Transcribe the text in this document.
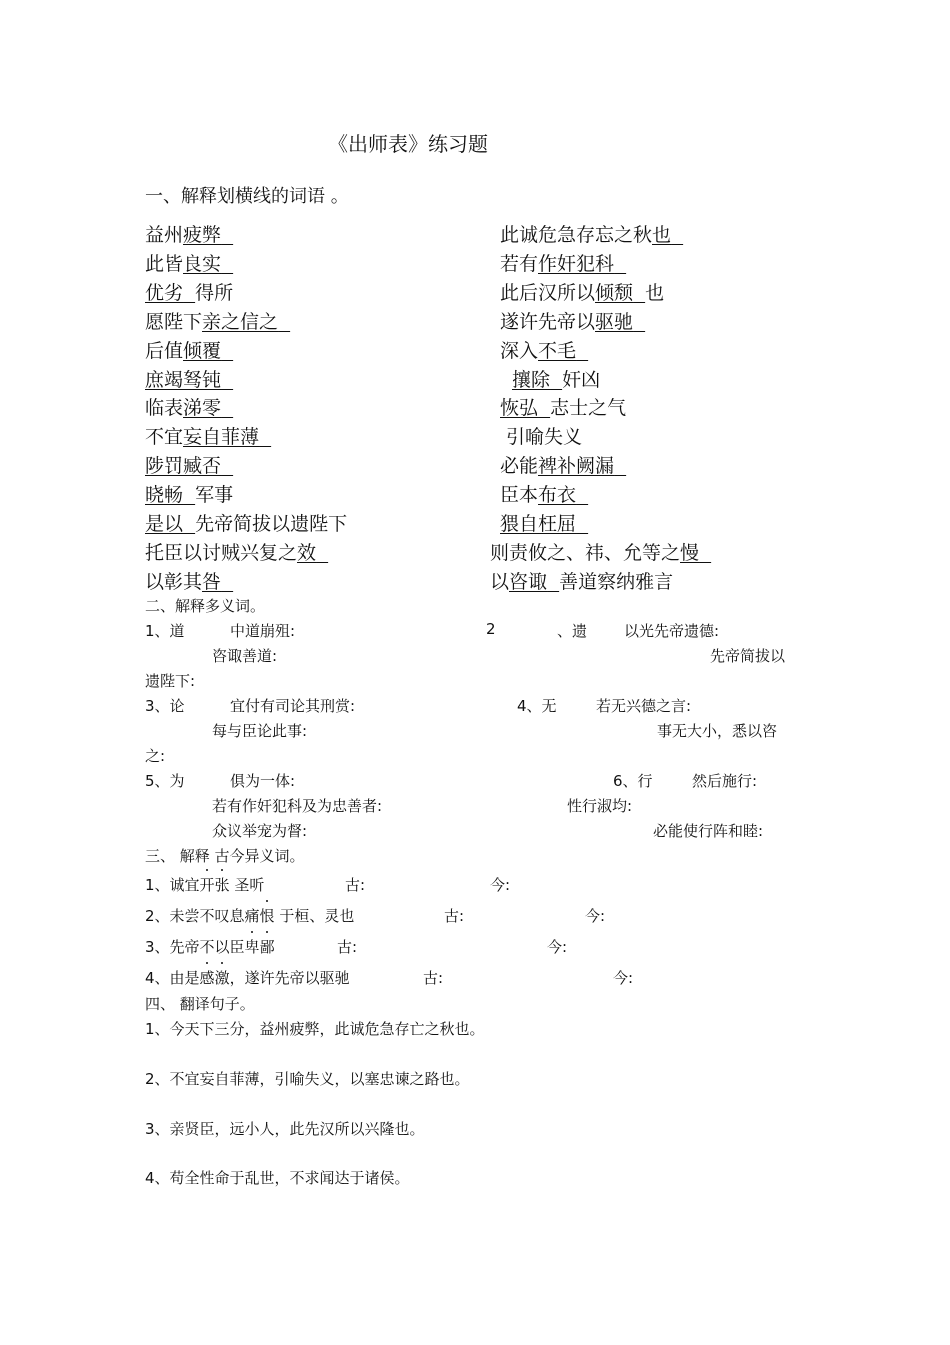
《出师表》练习题
一、解释划横线的词语 。
益州疲弊	此诚危急存忘之秋也
此皆良实	若有作奸犯科
优劣 得所	此后汉所以倾颓 也
愿陛下亲之信之	遂许先帝以驱驰
后值倾覆	深入不毛
庶竭驽钝	攘除 奸凶
临表涕零	恢弘 志士之气
不宜妄自菲薄	引喻失义
陟罚臧否	必能裨补阙漏
晓畅 军事	臣本布衣
是以 先帝简拔以遗陛下	猥自枉屈
托臣以讨贼兴复之效	则责攸之、祎、允等之慢
以彰其咎	以咨诹 善道察纳雅言
二、解释多义词。
1、道	中道崩殂:	2	、遗 以光先帝遗德:
咨诹善道:	先帝简拔以
遗陛下:
3、论	宜付有司论其刑赏:	4、无	若无兴德之言:
每与臣论此事:	事无大小，悉以咨
之:
5、为	俱为一体:	6、行	然后施行:
若有作奸犯科及为忠善者:	性行淑均:
众议举宠为督:	必能使行阵和睦:
三、 解释 古今异义词。
1、诚宜开张 圣听	古:	今:
2、未尝不叹息痛恨 于桓、灵也	古:	今:
3、先帝不以臣卑鄙	古:	今:
4、由是感激，遂许先帝以驱驰	古:	今:
四、 翻译句子。
1、今天下三分，益州疲弊，此诚危急存亡之秋也。
2、不宜妄自菲薄，引喻失义，以塞忠谏之路也。
3、亲贤臣，远小人，此先汉所以兴隆也。
4、苟全性命于乱世，不求闻达于诸侯。
